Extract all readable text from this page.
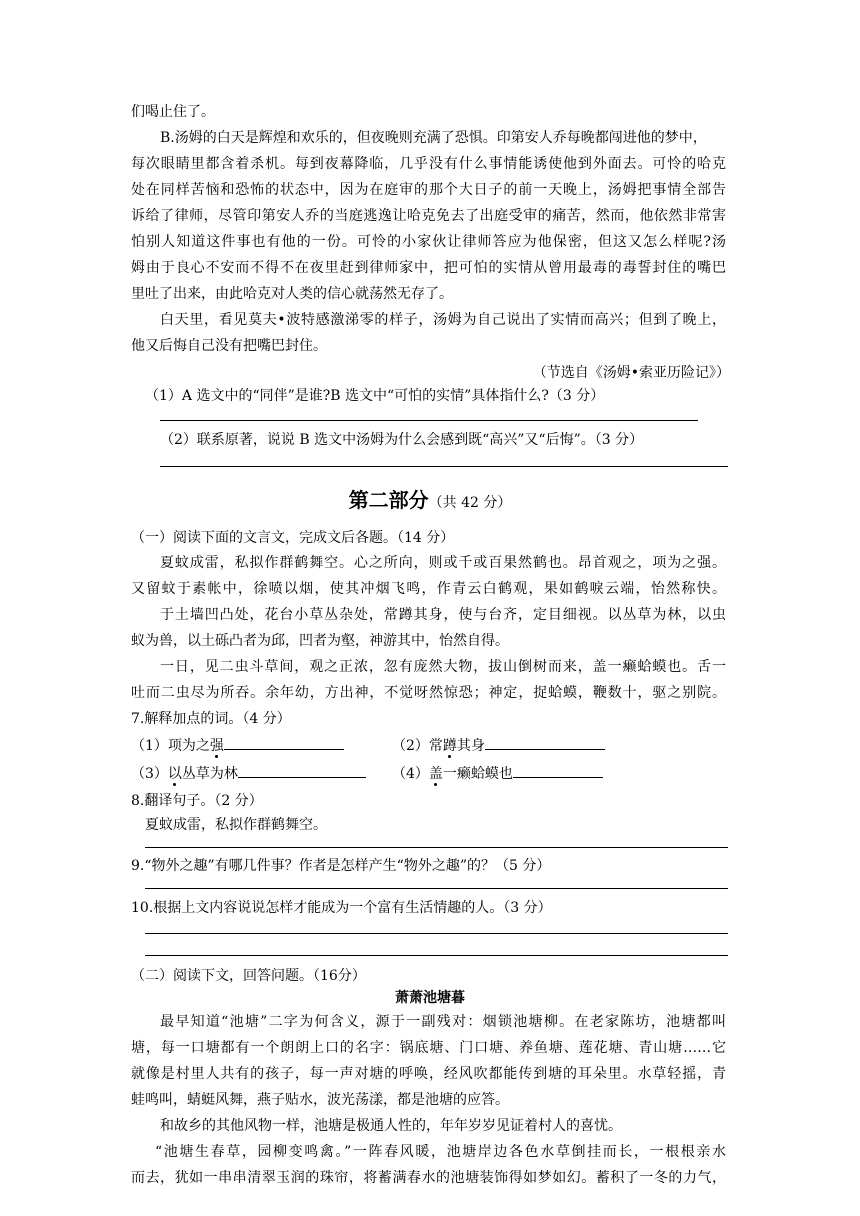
们喝止住了。
B.汤姆的白天是辉煌和欢乐的，但夜晚则充满了恐惧。印第安人乔每晚都闯进他的梦中，
每次眼睛里都含着杀机。每到夜幕降临，几乎没有什么事情能诱使他到外面去。可怜的哈克
处在同样苦恼和恐怖的状态中，因为在庭审的那个大日子的前一天晚上，汤姆把事情全部告
诉给了律师，尽管印第安人乔的当庭逃逸让哈克免去了出庭受审的痛苦，然而，他依然非常害
怕别人知道这件事也有他的一份。可怜的小家伙让律师答应为他保密，但这又怎么样呢?汤
姆由于良心不安而不得不在夜里赶到律师家中，把可怕的实情从曾用最毒的毒誓封住的嘴巴
里吐了出来，由此哈克对人类的信心就荡然无存了。
白天里，看见莫夫•波特感激涕零的样子，汤姆为自己说出了实情而高兴；但到了晚上，
他又后悔自己没有把嘴巴封住。
（节选自《汤姆•索亚历险记》）
（1）A 选文中的“同伴”是谁?B 选文中“可怕的实情”具体指什么?（3 分）
（2）联系原著，说说 B 选文中汤姆为什么会感到既“高兴”又“后悔”。（3 分）
第二部分（共 42 分）
（一）阅读下面的文言文，完成文后各题。（14 分）
夏蚊成雷，私拟作群鹤舞空。心之所向，则或千或百果然鹤也。昂首观之，项为之强。
又留蚊于素帐中，徐喷以烟，使其冲烟飞鸣，作青云白鹤观，果如鹤唳云端，怡然称快。
于土墙凹凸处，花台小草丛杂处，常蹲其身，使与台齐，定目细视。以丛草为林，以虫
蚁为兽，以土砾凸者为邱，凹者为壑，神游其中，怡然自得。
一日，见二虫斗草间，观之正浓，忽有庞然大物，拔山倒树而来，盖一癞蛤蟆也。舌一
吐而二虫尽为所吞。余年幼，方出神，不觉呀然惊恐；神定，捉蛤蟆，鞭数十，驱之别院。
7.解释加点的词。（4 分）
（1）项为之强	（2）常蹲其身
（3）以丛草为林	（4）盖一癞蛤蟆也
8.翻译句子。（2 分）
夏蚊成雷，私拟作群鹤舞空。
9.“物外之趣”有哪几件事？作者是怎样产生“物外之趣”的？（5 分）
10.根据上文内容说说怎样才能成为一个富有生活情趣的人。（3 分）
（二）阅读下文，回答问题。（16分）
萧萧池塘暮
最早知道“池塘”二字为何含义，源于一副残对：烟锁池塘柳。在老家陈坊，池塘都叫
塘，每一口塘都有一个朗朗上口的名字：锅底塘、门口塘、养鱼塘、莲花塘、青山塘……它
就像是村里人共有的孩子，每一声对塘的呼唤，经风吹都能传到塘的耳朵里。水草轻摇，青
蛙鸣叫，蜻蜓风舞，燕子贴水，波光荡漾，都是池塘的应答。
和故乡的其他风物一样，池塘是极通人性的，年年岁岁见证着村人的喜忧。
“池塘生春草，园柳变鸣禽。”一阵春风暖，池塘岸边各色水草倒挂而长，一根根亲水
而去，犹如一串串清翠玉润的珠帘，将蓄满春水的池塘装饰得如梦如幻。蓄积了一冬的力气，
